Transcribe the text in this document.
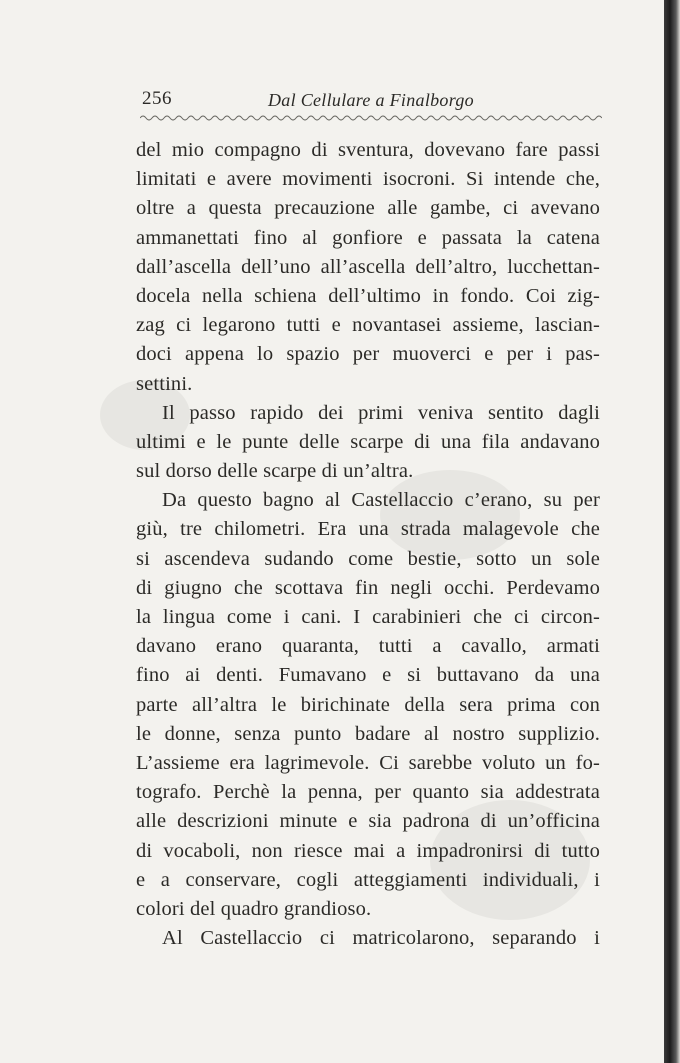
256	Dal Cellulare a Finalborgo
del mio compagno di sventura, dovevano fare passi
limitati e avere movimenti isocroni. Si intende che,
oltre a questa precauzione alle gambe, ci avevano
ammanettati fino al gonfiore e passata la catena
dall’ascella dell’uno all’ascella dell’altro, lucchettan-
docela nella schiena dell’ultimo in fondo. Coi zig-
zag ci legarono tutti e novantasei assieme, lascian-
doci appena lo spazio per muoverci e per i pas-
settini.
Il passo rapido dei primi veniva sentito dagli
ultimi e le punte delle scarpe di una fila andavano
sul dorso delle scarpe di un’altra.
Da questo bagno al Castellaccio c’erano, su per
giù, tre chilometri. Era una strada malagevole che
si ascendeva sudando come bestie, sotto un sole
di giugno che scottava fin negli occhi. Perdevamo
la lingua come i cani. I carabinieri che ci circon-
davano erano quaranta, tutti a cavallo, armati
fino ai denti. Fumavano e si buttavano da una
parte all’altra le birichinate della sera prima con
le donne, senza punto badare al nostro supplizio.
L’assieme era lagrimevole. Ci sarebbe voluto un fo-
tografo. Perchè la penna, per quanto sia addestrata
alle descrizioni minute e sia padrona di un’officina
di vocaboli, non riesce mai a impadronirsi di tutto
e a conservare, cogli atteggiamenti individuali, i
colori del quadro grandioso.
Al Castellaccio ci matricolarono, separando i
